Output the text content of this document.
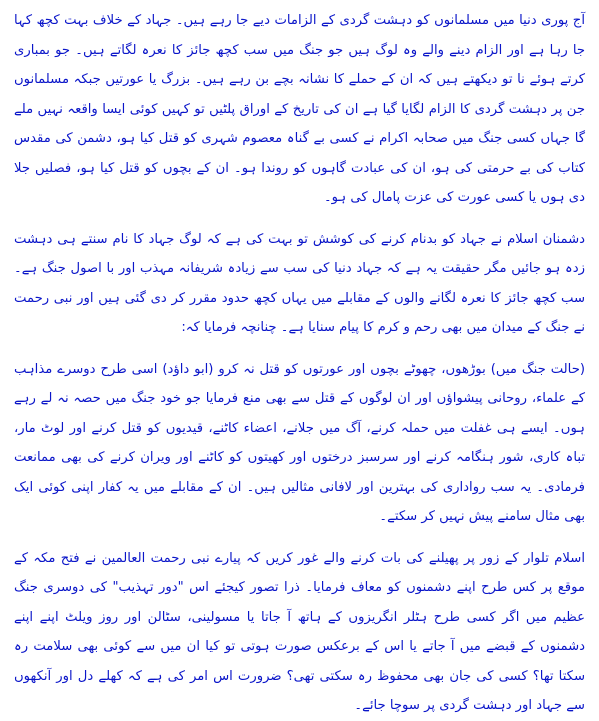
آج پوری دنیا میں مسلمانوں کو دہشت گردی کے الزامات دیے جا رہے ہیں۔ جہاد کے خلاف بہت کچھ کہا جا رہا ہے اور الزام دینے والے وہ لوگ ہیں جو جنگ میں سب کچھ جائز کا نعرہ لگاتے ہیں۔ جو بمباری کرتے ہوئے نا تو دیکھتے ہیں کہ ان کے حملے کا نشانہ بچے بن رہے ہیں۔ بزرگ یا عورتیں جبکہ مسلمانوں جن پر دہشت گردی کا الزام لگایا گیا ہے ان کی تاریخ کے اوراق پلٹیں تو کہیں کوئی ایسا واقعہ نہیں ملے گا جہاں کسی جنگ میں صحابہ اکرام نے کسی بے گناہ معصوم شہری کو قتل کیا ہو، دشمن کی مقدس کتاب کی بے حرمتی کی ہو، ان کی عبادت گاہوں کو روندا ہو۔ ان کے بچوں کو قتل کیا ہو، فصلیں جلا دی ہوں یا کسی عورت کی عزت پامال کی ہو۔

دشمنان اسلام نے جہاد کو بدنام کرنے کی کوشش تو بہت کی ہے کہ لوگ جہاد کا نام سنتے ہی دہشت زدہ ہو جائیں مگر حقیقت یہ ہے کہ جہاد دنیا کی سب سے زیادہ شریفانہ مہذب اور با اصول جنگ ہے۔ سب کچھ جائز کا نعرہ لگانے والوں کے مقابلے میں یہاں کچھ حدود مقرر کر دی گئی ہیں اور نبی رحمت نے جنگ کے میدان میں بھی رحم و کرم کا پیام سنایا ہے۔ چنانچہ فرمایا کہ:

(حالت جنگ میں) بوڑھوں، چھوٹے بچوں اور عورتوں کو قتل نہ کرو (ابو داؤد) اسی طرح دوسرے مذاہب کے علماء، روحانی پیشواؤں اور ان لوگوں کے قتل سے بھی منع فرمایا جو خود جنگ میں حصہ نہ لے رہے ہوں۔ ایسے ہی غفلت میں حملہ کرنے، آگ میں جلانے، اعضاء کاٹنے، قیدیوں کو قتل کرنے اور لوٹ مار، تباہ کاری، شور ہنگامہ کرنے اور سرسبز درختوں اور کھیتوں کو کاٹنے اور ویران کرنے کی بھی ممانعت فرمادی۔ یہ سب رواداری کی بہترین اور لافانی مثالیں ہیں۔ ان کے مقابلے میں یہ کفار اپنی کوئی ایک بھی مثال سامنے پیش نہیں کر سکتے۔

اسلام تلوار کے زور پر پھیلنے کی بات کرنے والے غور کریں کہ پیارے نبی رحمت العالمین نے فتح مکہ کے موقع پر کس طرح اپنے دشمنوں کو معاف فرمایا۔ ذرا تصور کیجئے اس "دور تہذیب" کی دوسری جنگ عظیم میں اگر کسی طرح ہٹلر انگریزوں کے ہاتھ آ جاتا یا مسولینی، سٹالن اور روز ویلٹ اپنے اپنے دشمنوں کے قبضے میں آ جاتے یا اس کے برعکس صورت ہوتی تو کیا ان میں سے کوئی بھی سلامت رہ سکتا تھا؟ کسی کی جان بھی محفوظ رہ سکتی تھی؟ ضرورت اس امر کی ہے کہ کھلے دل اور آنکھوں سے جہاد اور دہشت گردی پر سوچا جائے۔
